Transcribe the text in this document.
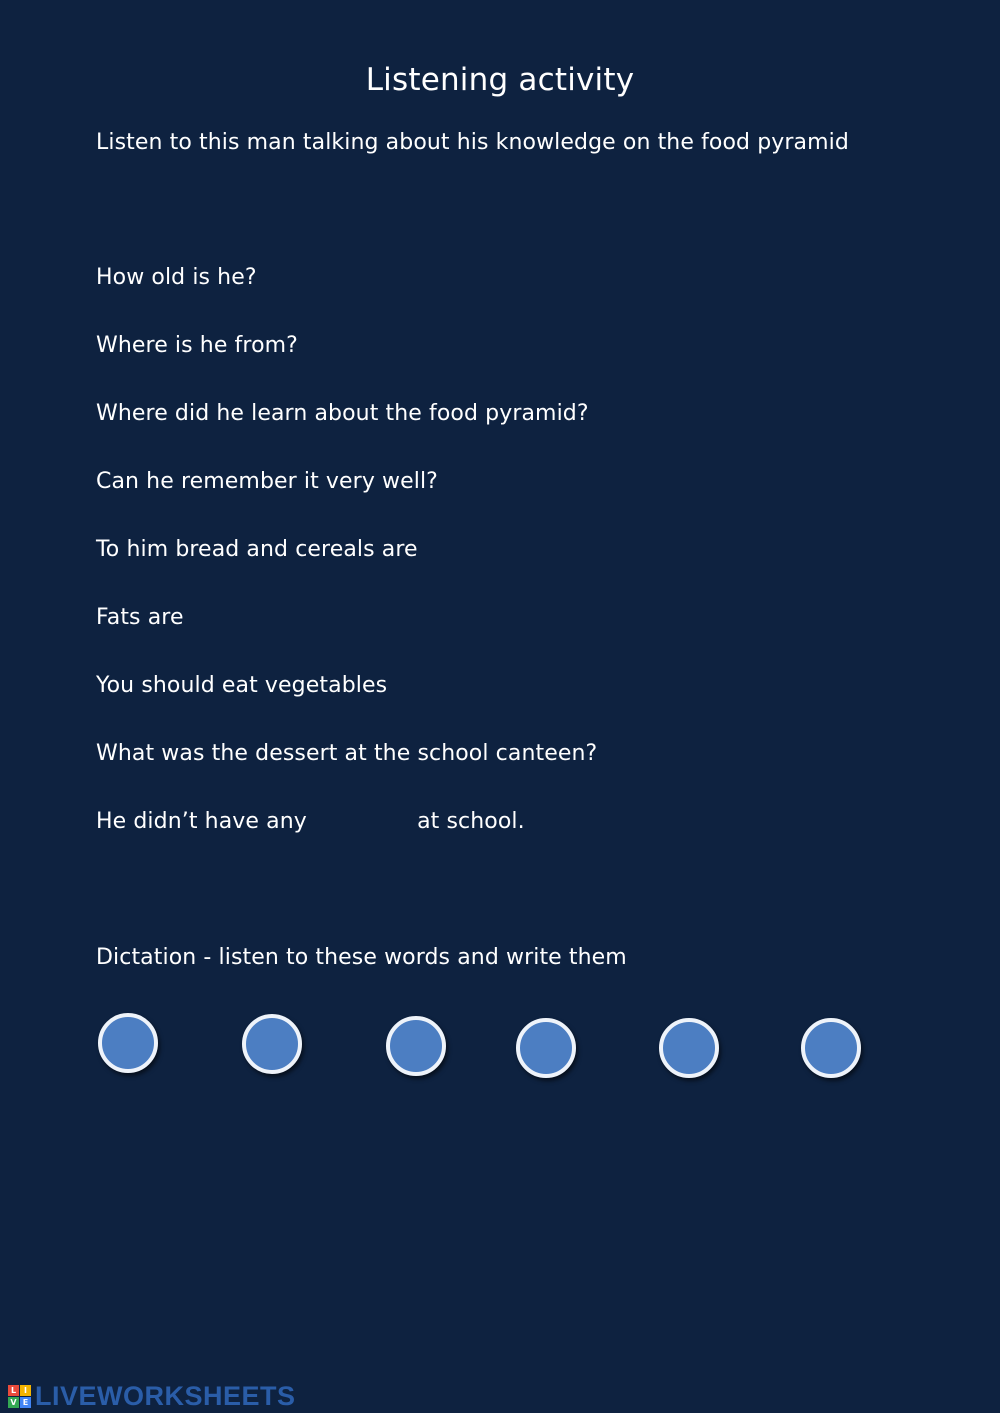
Listening activity
Listen to this man talking about his knowledge on the food pyramid
How old is he?
Where is he from?
Where did he learn about the food pyramid?
Can he remember it very well?
To him bread and cereals are
Fats are
You should eat vegetables
What was the dessert at the school canteen?
He didn’t have any	at school.
Dictation - listen to these words and write them
L I
V E LIVEWORKSHEETS
